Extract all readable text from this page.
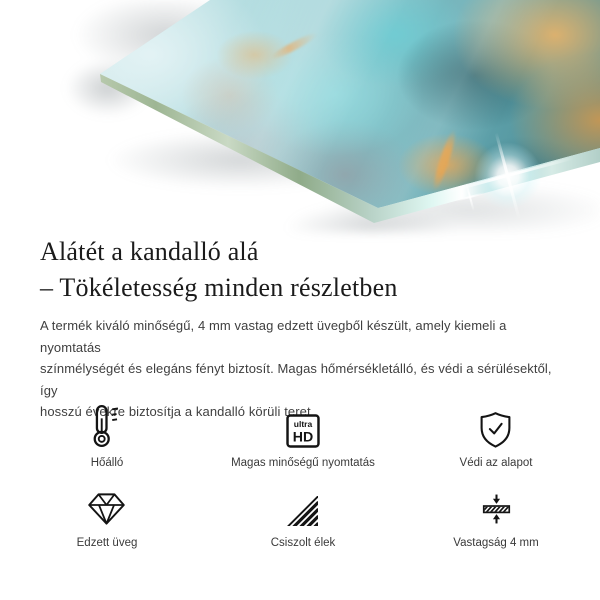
Alátét a kandalló alá
– Tökéletesség minden részletben

A termék kiváló minőségű, 4 mm vastag edzett üvegből készült, amely kiemeli a nyomtatás
színmélységét és elegáns fényt biztosít. Magas hőmérsékletálló, és védi a sérülésektől, így
hosszú évekre biztosítja a kandalló körüli teret.

Hőálló
ultra
HD
Magas minőségű nyomtatás	Védi az alapot
Edzett üveg	Csiszolt élek	Vastagság 4 mm
